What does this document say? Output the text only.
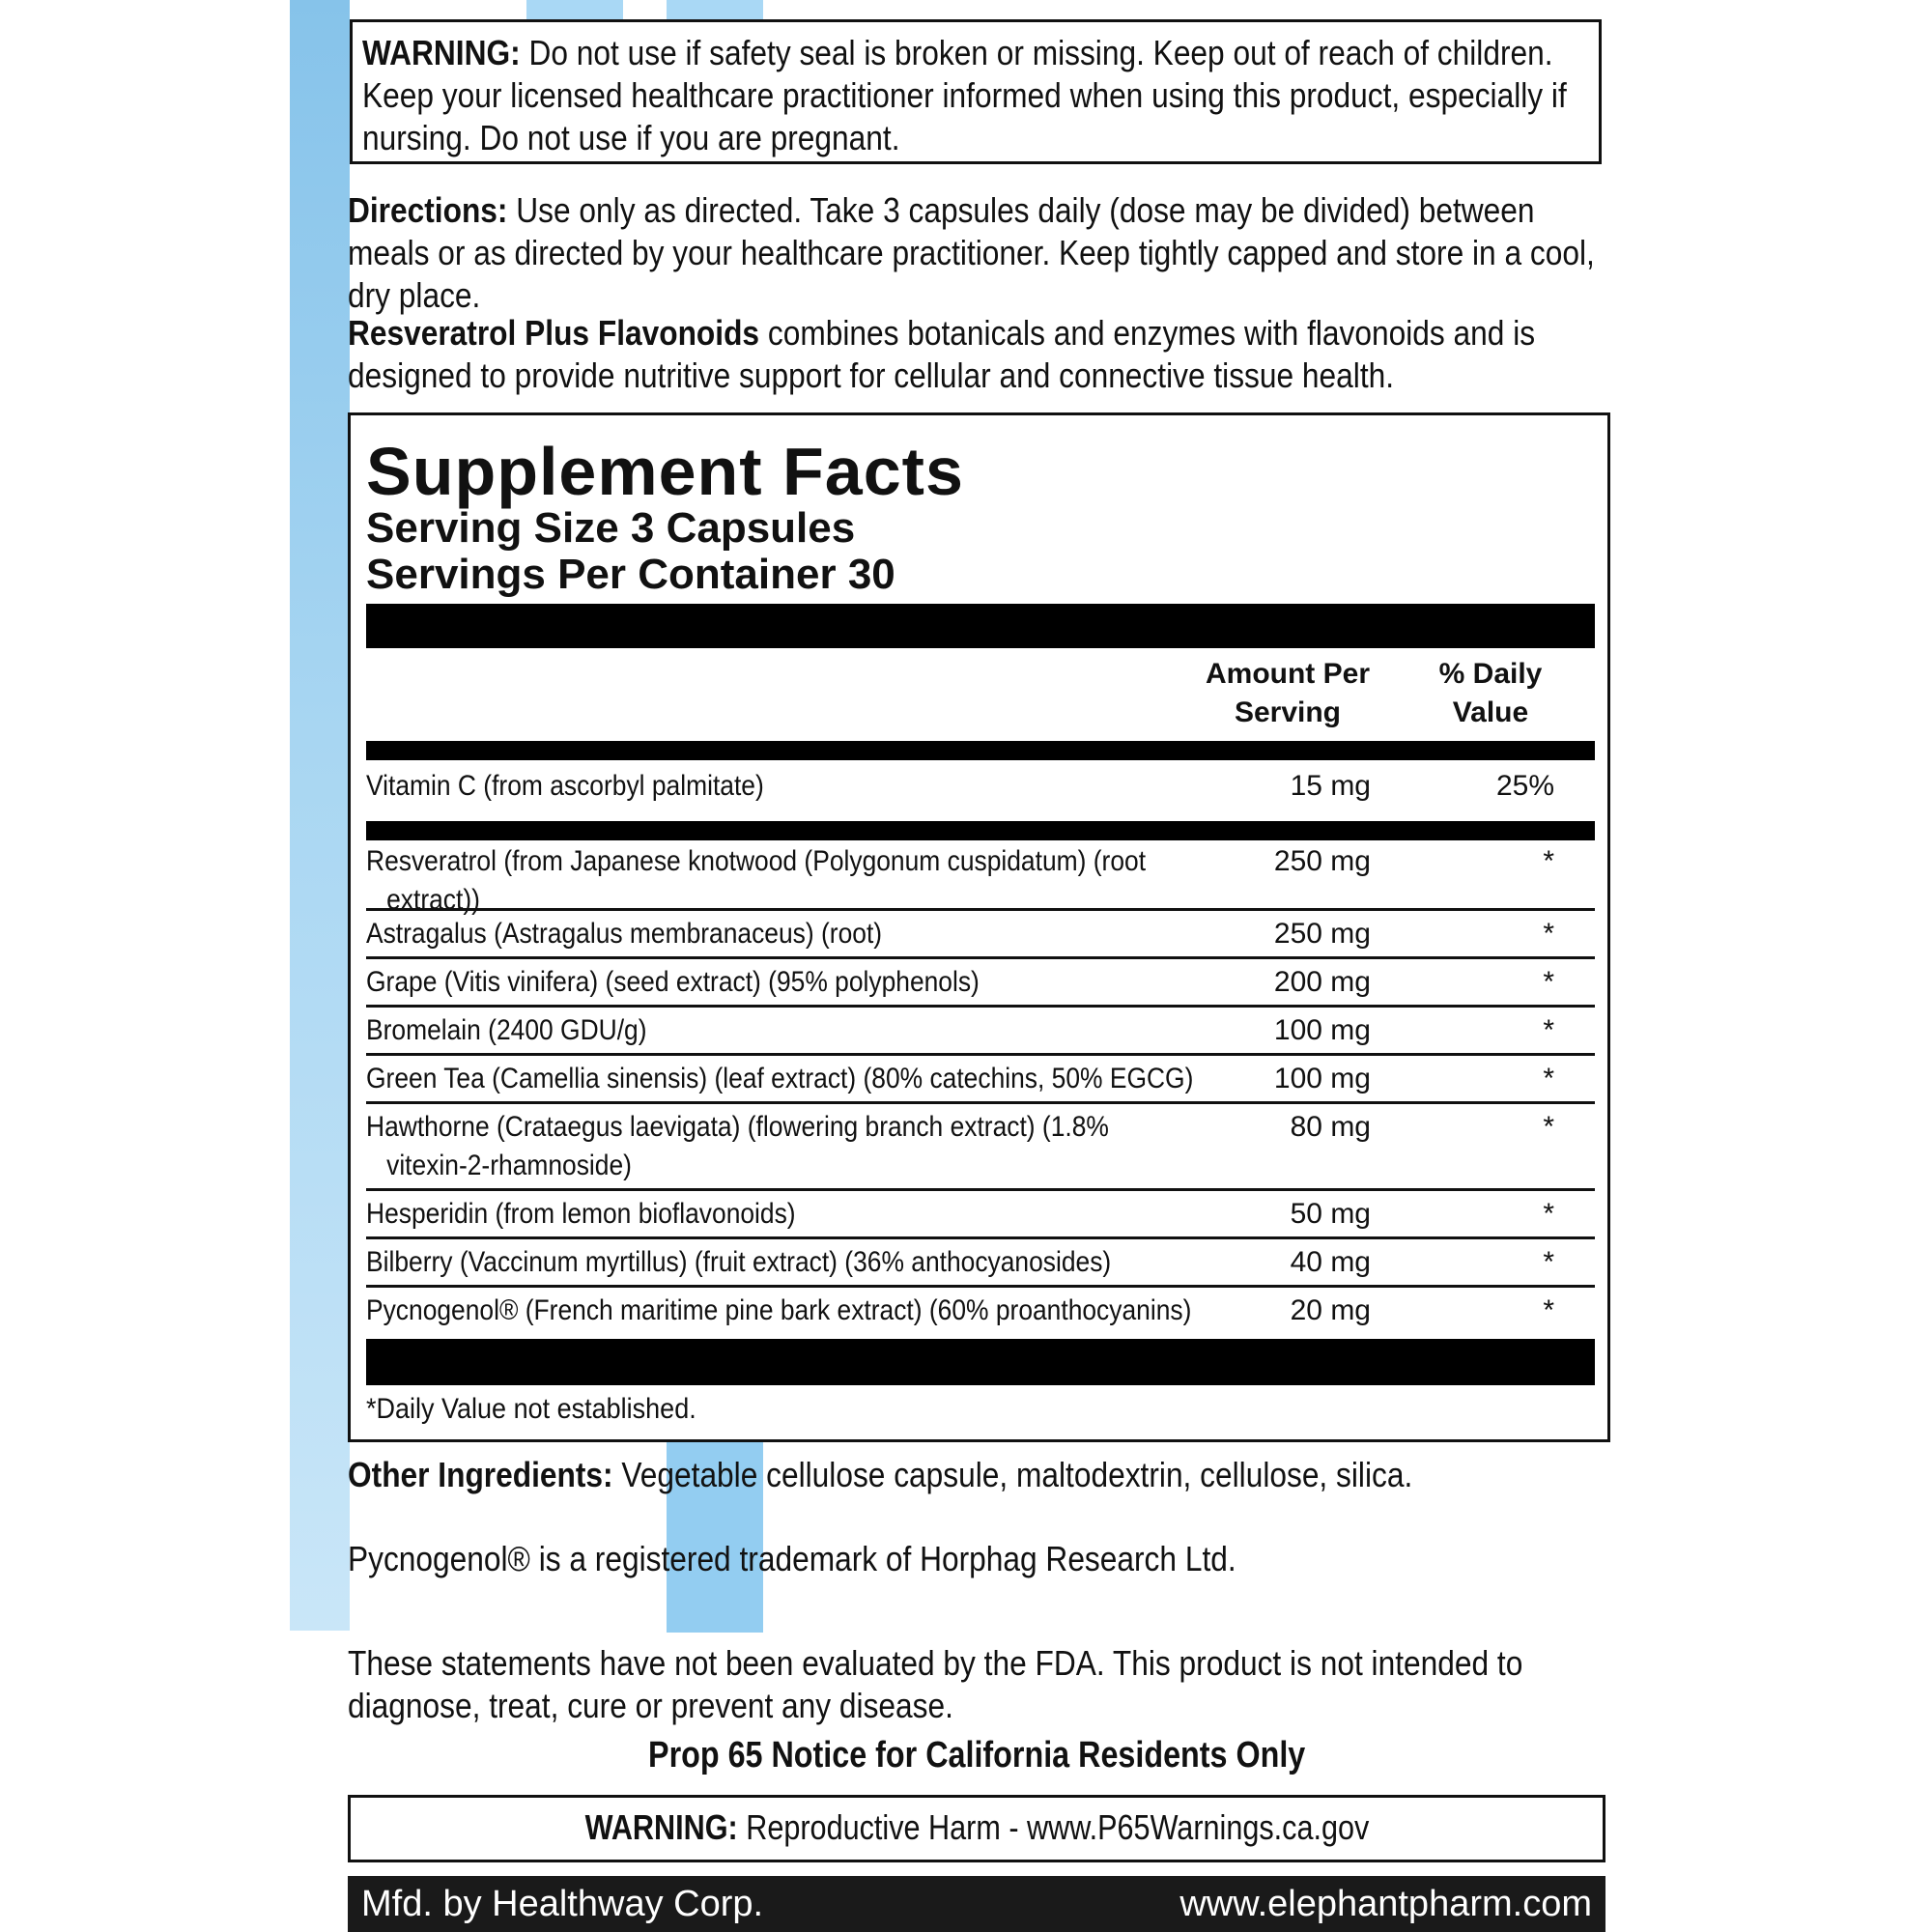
WARNING: Do not use if safety seal is broken or missing. Keep out of reach of children. Keep your licensed healthcare practitioner informed when using this product, especially if nursing. Do not use if you are pregnant.
Directions: Use only as directed. Take 3 capsules daily (dose may be divided) between meals or as directed by your healthcare practitioner. Keep tightly capped and store in a cool, dry place.
Resveratrol Plus Flavonoids combines botanicals and enzymes with flavonoids and is designed to provide nutritive support for cellular and connective tissue health.
Supplement Facts
Serving Size 3 Capsules
Servings Per Container 30
Amount Per
Serving
% Daily
Value
Vitamin C (from ascorbyl palmitate)	15 mg	25%
Resveratrol (from Japanese knotwood (Polygonum cuspidatum) (root
extract))
250 mg	*
Astragalus (Astragalus membranaceus) (root)	250 mg	*
Grape (Vitis vinifera) (seed extract) (95% polyphenols)	200 mg	*
Bromelain (2400 GDU/g)	100 mg	*
Green Tea (Camellia sinensis) (leaf extract) (80% catechins, 50% EGCG)	100 mg	*
Hawthorne (Crataegus laevigata) (flowering branch extract) (1.8%
vitexin-2-rhamnoside)
80 mg	*
Hesperidin (from lemon bioflavonoids)	50 mg	*
Bilberry (Vaccinum myrtillus) (fruit extract) (36% anthocyanosides)	40 mg	*
Pycnogenol® (French maritime pine bark extract) (60% proanthocyanins)	20 mg	*
*Daily Value not established.
Other Ingredients: Vegetable cellulose capsule, maltodextrin, cellulose, silica.
Pycnogenol® is a registered trademark of Horphag Research Ltd.
These statements have not been evaluated by the FDA. This product is not intended to diagnose, treat, cure or prevent any disease.
Prop 65 Notice for California Residents Only
WARNING: Reproductive Harm - www.P65Warnings.ca.gov
Mfd. by Healthway Corp.	www.elephantpharm.com
